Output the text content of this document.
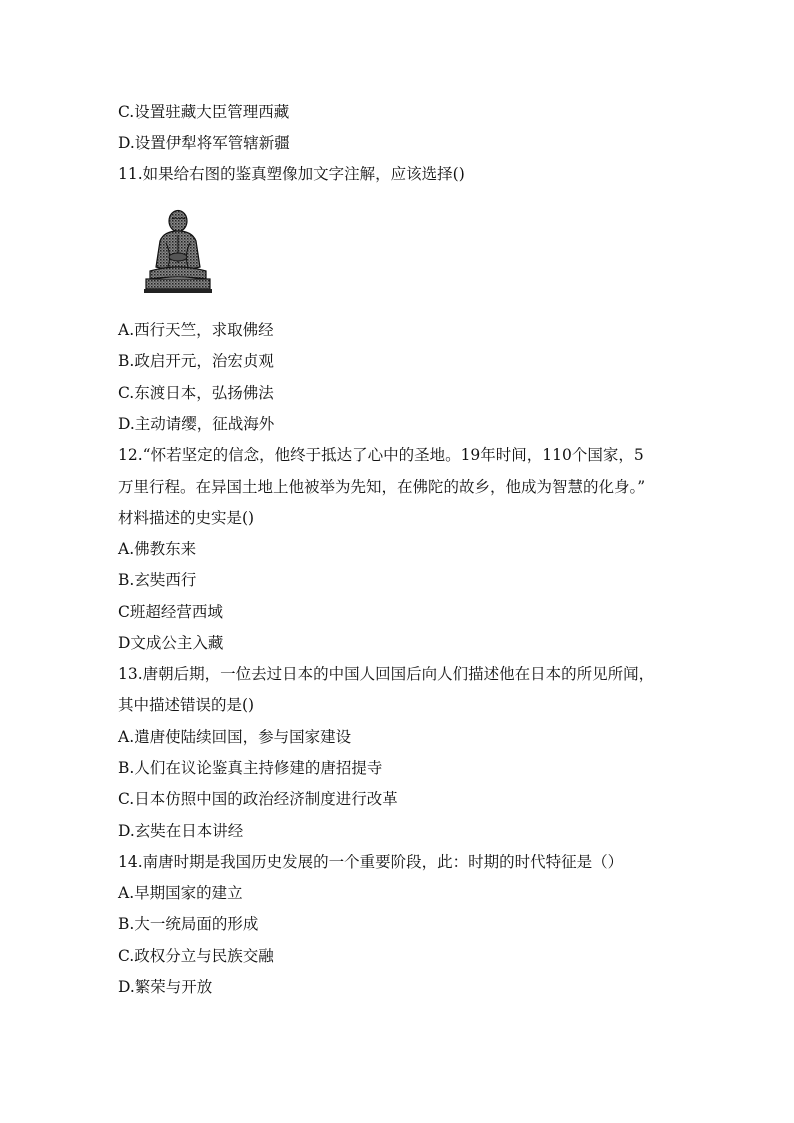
C.设置驻藏大臣管理西藏
D.设置伊犁将军管辖新疆
11.如果给右图的鉴真塑像加文字注解，应该选择()
A.西行天竺，求取佛经
B.政启开元，治宏贞观
C.东渡日本，弘扬佛法
D.主动请缨，征战海外
12.“怀若坚定的信念，他终于抵达了心中的圣地。19年时间，110个国家，5
万里行程。在异国土地上他被举为先知，在佛陀的故乡，他成为智慧的化身。”
材料描述的史实是()
A.佛教东来
B.玄奘西行
C班超经营西域
D文成公主入藏
13.唐朝后期，一位去过日本的中国人回国后向人们描述他在日本的所见所闻，
其中描述错误的是()
A.遣唐使陆续回国，参与国家建设
B.人们在议论鉴真主持修建的唐招提寺
C.日本仿照中国的政治经济制度进行改革
D.玄奘在日本讲经
14.南唐时期是我国历史发展的一个重要阶段，此：时期的时代特征是（）
A.早期国家的建立
B.大一统局面的形成
C.政权分立与民族交融
D.繁荣与开放
